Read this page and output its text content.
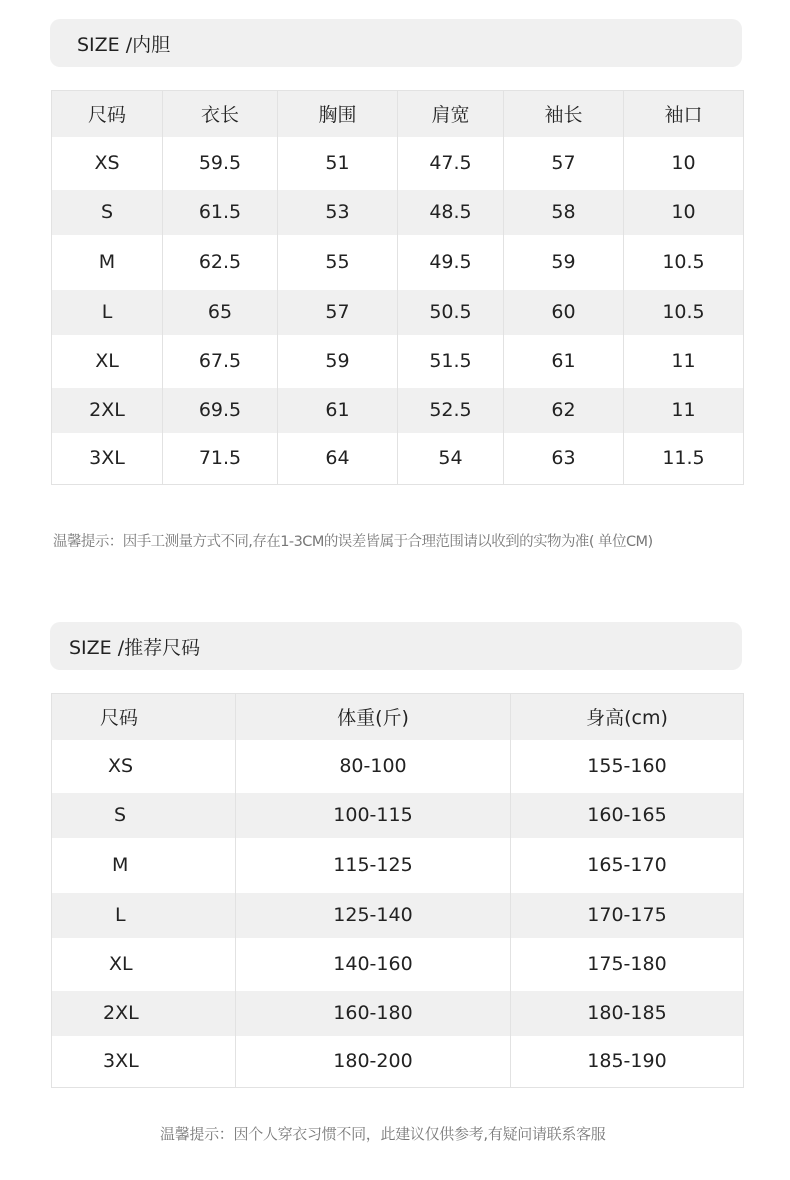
SIZE /内胆
尺码	衣长	胸围	肩宽	袖长	袖口
XS	59.5	51	47.5	57	10
S	61.5	53	48.5	58	10
M	62.5	55	49.5	59	10.5
L	65	57	50.5	60	10.5
XL	67.5	59	51.5	61	11
2XL	69.5	61	52.5	62	11
3XL	71.5	64	54	63	11.5
温馨提示：因手工测量方式不同,存在1-3CM的误差皆属于合理范围请以收到的实物为准( 单位CM)
SIZE /推荐尺码
尺码	体重(斤)	身高(cm)
XS	80-100	155-160
S	100-115	160-165
M	115-125	165-170
L	125-140	170-175
XL	140-160	175-180
2XL	160-180	180-185
3XL	180-200	185-190
温馨提示：因个人穿衣习惯不同，此建议仅供参考,有疑问请联系客服
